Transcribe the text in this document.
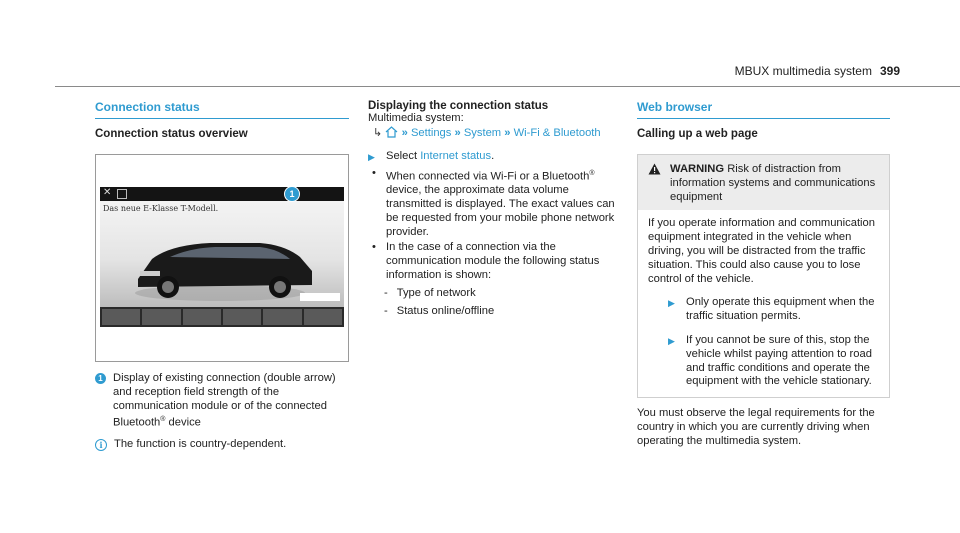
MBUX multimedia system 399
Connection status
Connection status overview
✕
Das neue E-Klasse T-Modell.
1
1 Display of existing connection (double arrow) and reception field strength of the communication module or of the connected Bluetooth® device
i	The function is country-dependent.
Displaying the connection status
Multimedia system:
↳ » Settings » System » Wi-Fi & Bluetooth
▶ Select Internet status.
• When connected via Wi-Fi or a Bluetooth® device, the approximate data volume transmitted is displayed. The exact values can be requested from your mobile phone network provider.
• In the case of a connection via the communication module the following status information is shown:
- Type of network
- Status online/offline
Web browser
Calling up a web page
WARNING Risk of distraction from information systems and communications equipment
If you operate information and communication equipment integrated in the vehicle when driving, you will be distracted from the traffic situation. This could also cause you to lose control of the vehicle.
▶ Only operate this equipment when the traffic situation permits.
▶ If you cannot be sure of this, stop the vehicle whilst paying attention to road and traffic conditions and operate the equipment with the vehicle stationary.
You must observe the legal requirements for the country in which you are currently driving when operating the multimedia system.
